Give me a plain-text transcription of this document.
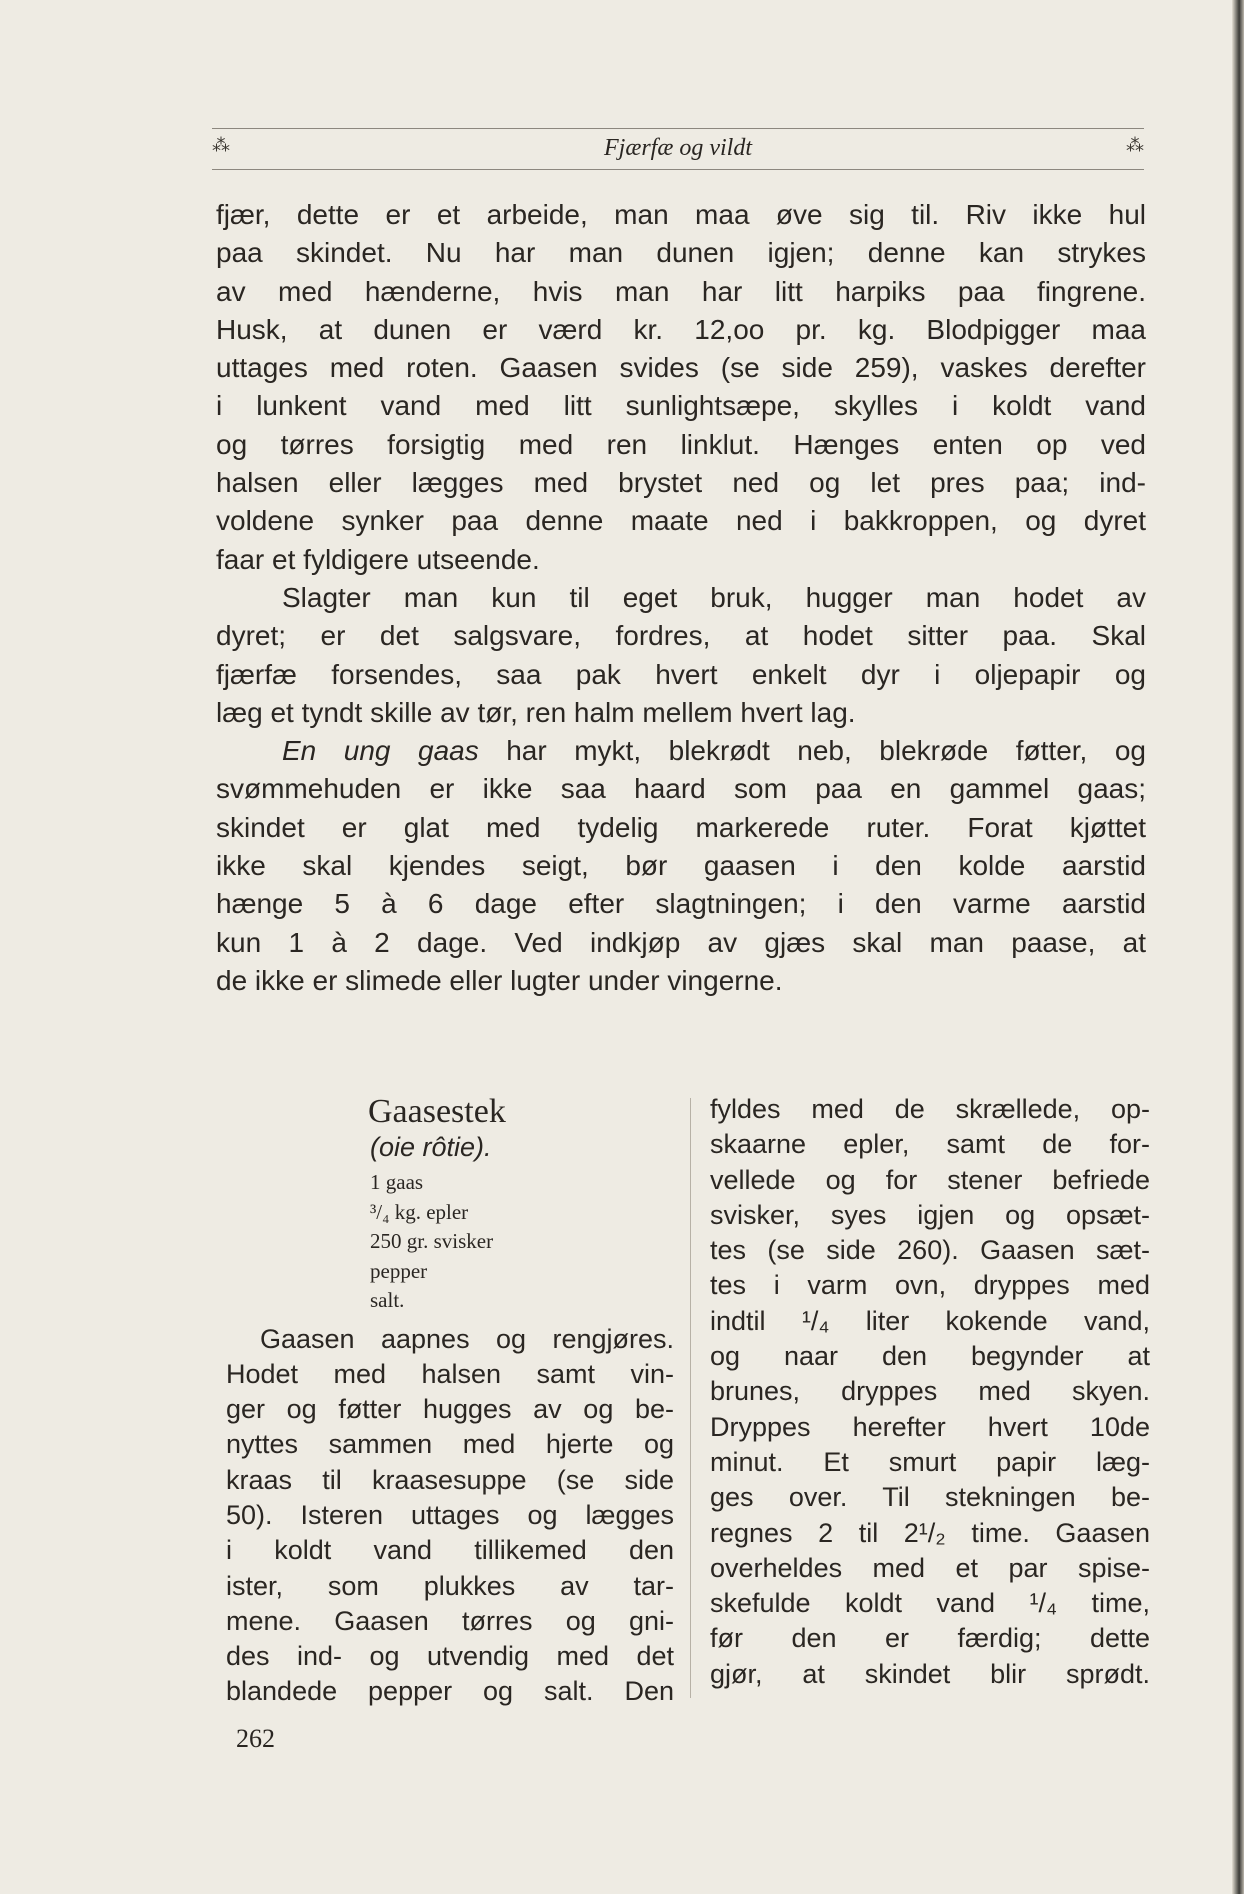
⁂	Fjærfæ og vildt	⁂

fjær, dette er et arbeide, man maa øve sig til. Riv ikke hul

paa skindet. Nu har man dunen igjen; denne kan strykes

av med hænderne, hvis man har litt harpiks paa fingrene.

Husk, at dunen er værd kr. 12,oo pr. kg. Blodpigger maa

uttages med roten. Gaasen svides (se side 259), vaskes derefter

i lunkent vand med litt sunlightsæpe, skylles i koldt vand

og tørres forsigtig med ren linklut. Hænges enten op ved

halsen eller lægges med brystet ned og let pres paa; ind-

voldene synker paa denne maate ned i bakkroppen, og dyret

faar et fyldigere utseende.

Slagter man kun til eget bruk, hugger man hodet av

dyret; er det salgsvare, fordres, at hodet sitter paa. Skal

fjærfæ forsendes, saa pak hvert enkelt dyr i oljepapir og

læg et tyndt skille av tør, ren halm mellem hvert lag.

En ung gaas har mykt, blekrødt neb, blekrøde føtter, og

svømmehuden er ikke saa haard som paa en gammel gaas;

skindet er glat med tydelig markerede ruter. Forat kjøttet

ikke skal kjendes seigt, bør gaasen i den kolde aarstid

hænge 5 à 6 dage efter slagtningen; i den varme aarstid

kun 1 à 2 dage. Ved indkjøp av gjæs skal man paase, at

de ikke er slimede eller lugter under vingerne.

Gaasestek
(oie rôtie).
1 gaas
³/₄ kg. epler
250 gr. svisker
pepper
salt.

Gaasen aapnes og rengjøres.

Hodet med halsen samt vin-

ger og føtter hugges av og be-

nyttes sammen med hjerte og

kraas til kraasesuppe (se side

50). Isteren uttages og lægges

i koldt vand tillikemed den

ister, som plukkes av tar-

mene. Gaasen tørres og gni-

des ind- og utvendig med det

blandede pepper og salt. Den

fyldes med de skrællede, op-

skaarne epler, samt de for-

vellede og for stener befriede

svisker, syes igjen og opsæt-

tes (se side 260). Gaasen sæt-

tes i varm ovn, dryppes med

indtil ¹/₄ liter kokende vand,

og naar den begynder at

brunes, dryppes med skyen.

Dryppes herefter hvert 10de

minut. Et smurt papir læg-

ges over. Til stekningen be-

regnes 2 til 2¹/₂ time. Gaasen

overheldes med et par spise-

skefulde koldt vand ¹/₄ time,

før den er færdig; dette

gjør, at skindet blir sprødt.

262
